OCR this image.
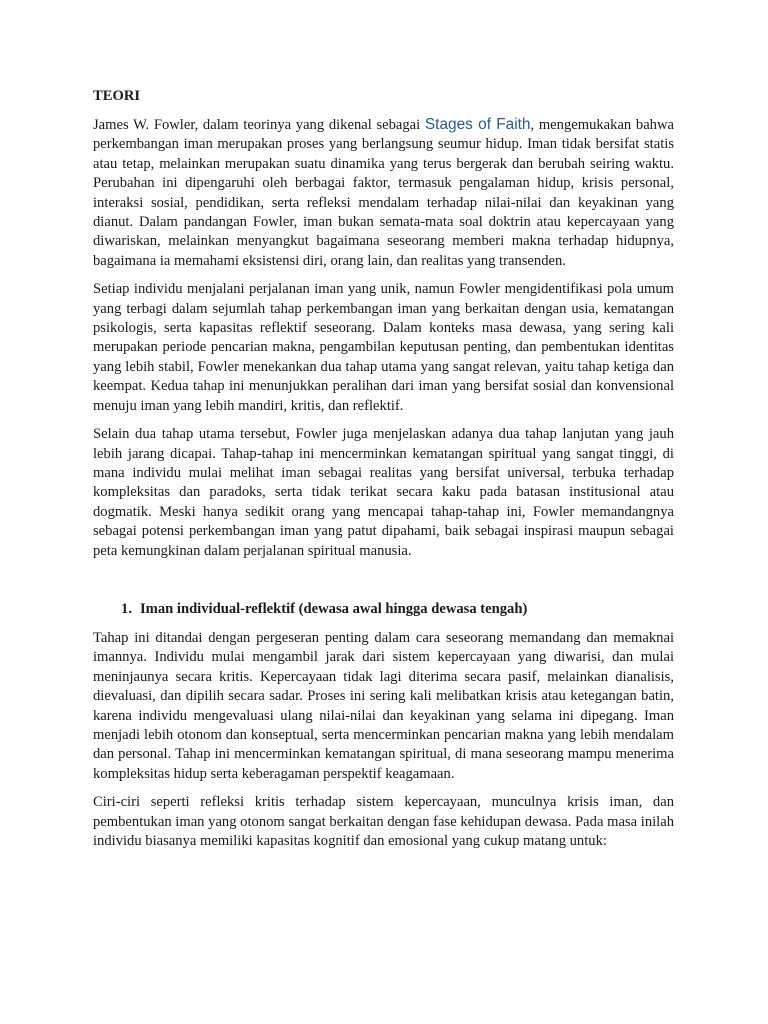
TEORI

James W. Fowler, dalam teorinya yang dikenal sebagai Stages of Faith, mengemukakan bahwa perkembangan iman merupakan proses yang berlangsung seumur hidup. Iman tidak bersifat statis atau tetap, melainkan merupakan suatu dinamika yang terus bergerak dan berubah seiring waktu. Perubahan ini dipengaruhi oleh berbagai faktor, termasuk pengalaman hidup, krisis personal, interaksi sosial, pendidikan, serta refleksi mendalam terhadap nilai-nilai dan keyakinan yang dianut. Dalam pandangan Fowler, iman bukan semata-mata soal doktrin atau kepercayaan yang diwariskan, melainkan menyangkut bagaimana seseorang memberi makna terhadap hidupnya, bagaimana ia memahami eksistensi diri, orang lain, dan realitas yang transenden.

Setiap individu menjalani perjalanan iman yang unik, namun Fowler mengidentifikasi pola umum yang terbagi dalam sejumlah tahap perkembangan iman yang berkaitan dengan usia, kematangan psikologis, serta kapasitas reflektif seseorang. Dalam konteks masa dewasa, yang sering kali merupakan periode pencarian makna, pengambilan keputusan penting, dan pembentukan identitas yang lebih stabil, Fowler menekankan dua tahap utama yang sangat relevan, yaitu tahap ketiga dan keempat. Kedua tahap ini menunjukkan peralihan dari iman yang bersifat sosial dan konvensional menuju iman yang lebih mandiri, kritis, dan reflektif.

Selain dua tahap utama tersebut, Fowler juga menjelaskan adanya dua tahap lanjutan yang jauh lebih jarang dicapai. Tahap-tahap ini mencerminkan kematangan spiritual yang sangat tinggi, di mana individu mulai melihat iman sebagai realitas yang bersifat universal, terbuka terhadap kompleksitas dan paradoks, serta tidak terikat secara kaku pada batasan institusional atau dogmatik. Meski hanya sedikit orang yang mencapai tahap-tahap ini, Fowler memandangnya sebagai potensi perkembangan iman yang patut dipahami, baik sebagai inspirasi maupun sebagai peta kemungkinan dalam perjalanan spiritual manusia.

1. Iman individual-reflektif (dewasa awal hingga dewasa tengah)

Tahap ini ditandai dengan pergeseran penting dalam cara seseorang memandang dan memaknai imannya. Individu mulai mengambil jarak dari sistem kepercayaan yang diwarisi, dan mulai meninjaunya secara kritis. Kepercayaan tidak lagi diterima secara pasif, melainkan dianalisis, dievaluasi, dan dipilih secara sadar. Proses ini sering kali melibatkan krisis atau ketegangan batin, karena individu mengevaluasi ulang nilai-nilai dan keyakinan yang selama ini dipegang. Iman menjadi lebih otonom dan konseptual, serta mencerminkan pencarian makna yang lebih mendalam dan personal. Tahap ini mencerminkan kematangan spiritual, di mana seseorang mampu menerima kompleksitas hidup serta keberagaman perspektif keagamaan.

Ciri-ciri seperti refleksi kritis terhadap sistem kepercayaan, munculnya krisis iman, dan pembentukan iman yang otonom sangat berkaitan dengan fase kehidupan dewasa. Pada masa inilah individu biasanya memiliki kapasitas kognitif dan emosional yang cukup matang untuk:
